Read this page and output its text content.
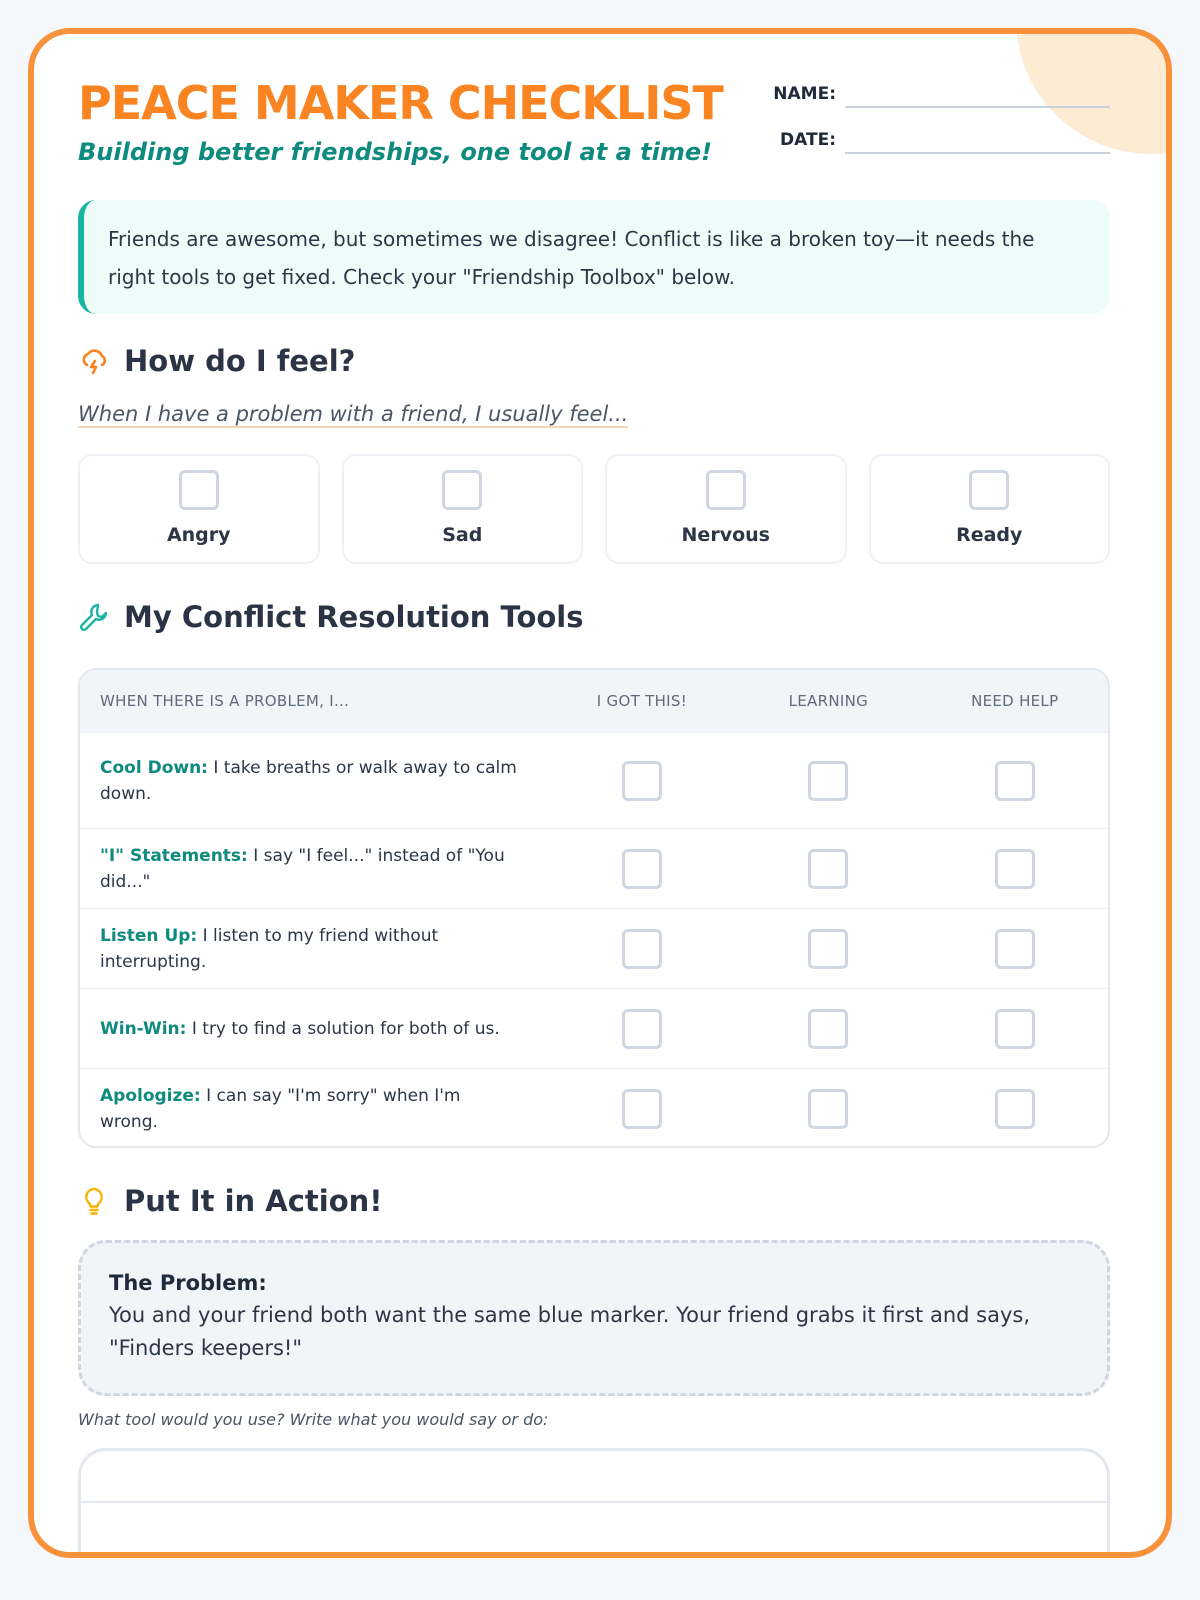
PEACE MAKER CHECKLIST
Building better friendships, one tool at a time!
NAME:
DATE:
Friends are awesome, but sometimes we disagree! Conflict is like a broken toy—it needs the right tools to get fixed. Check your "Friendship Toolbox" below.
How do I feel?
When I have a problem with a friend, I usually feel...
Angry	Sad	Nervous	Ready
My Conflict Resolution Tools
WHEN THERE IS A PROBLEM, I...	I GOT THIS!	LEARNING	NEED HELP
Cool Down: I take breaths or walk away to calm down.
"I" Statements: I say "I feel..." instead of "You did..."
Listen Up: I listen to my friend without interrupting.
Win-Win: I try to find a solution for both of us.
Apologize: I can say "I'm sorry" when I'm wrong.
Put It in Action!
The Problem:
You and your friend both want the same blue marker. Your friend grabs it first and says, "Finders keepers!"
What tool would you use? Write what you would say or do:
